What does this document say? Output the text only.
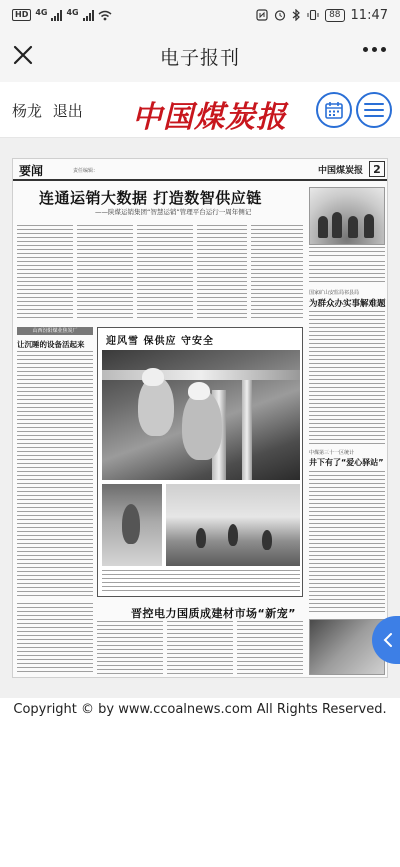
HD 4G 4G	88 11:47
电子报刊
杨龙 退出 中国煤炭报
要闻	责任编辑：	中国煤炭报 2
连通运销大数据 打造数智供应链
——陕煤运销集团“智慧运销”管理平台运行一周年侧记
国家矿山安监局祁县局
为群众办实事解难题
中煤第三十一区统计
井下有了“爱心驿站”
山西汾阳煤业焦炭厂
让沉睡的设备活起来 迎风雪 保供应 守安全
晋控电力国质成建材市场“新宠”
Copyright © by www.ccoalnews.com All Rights Reserved.
